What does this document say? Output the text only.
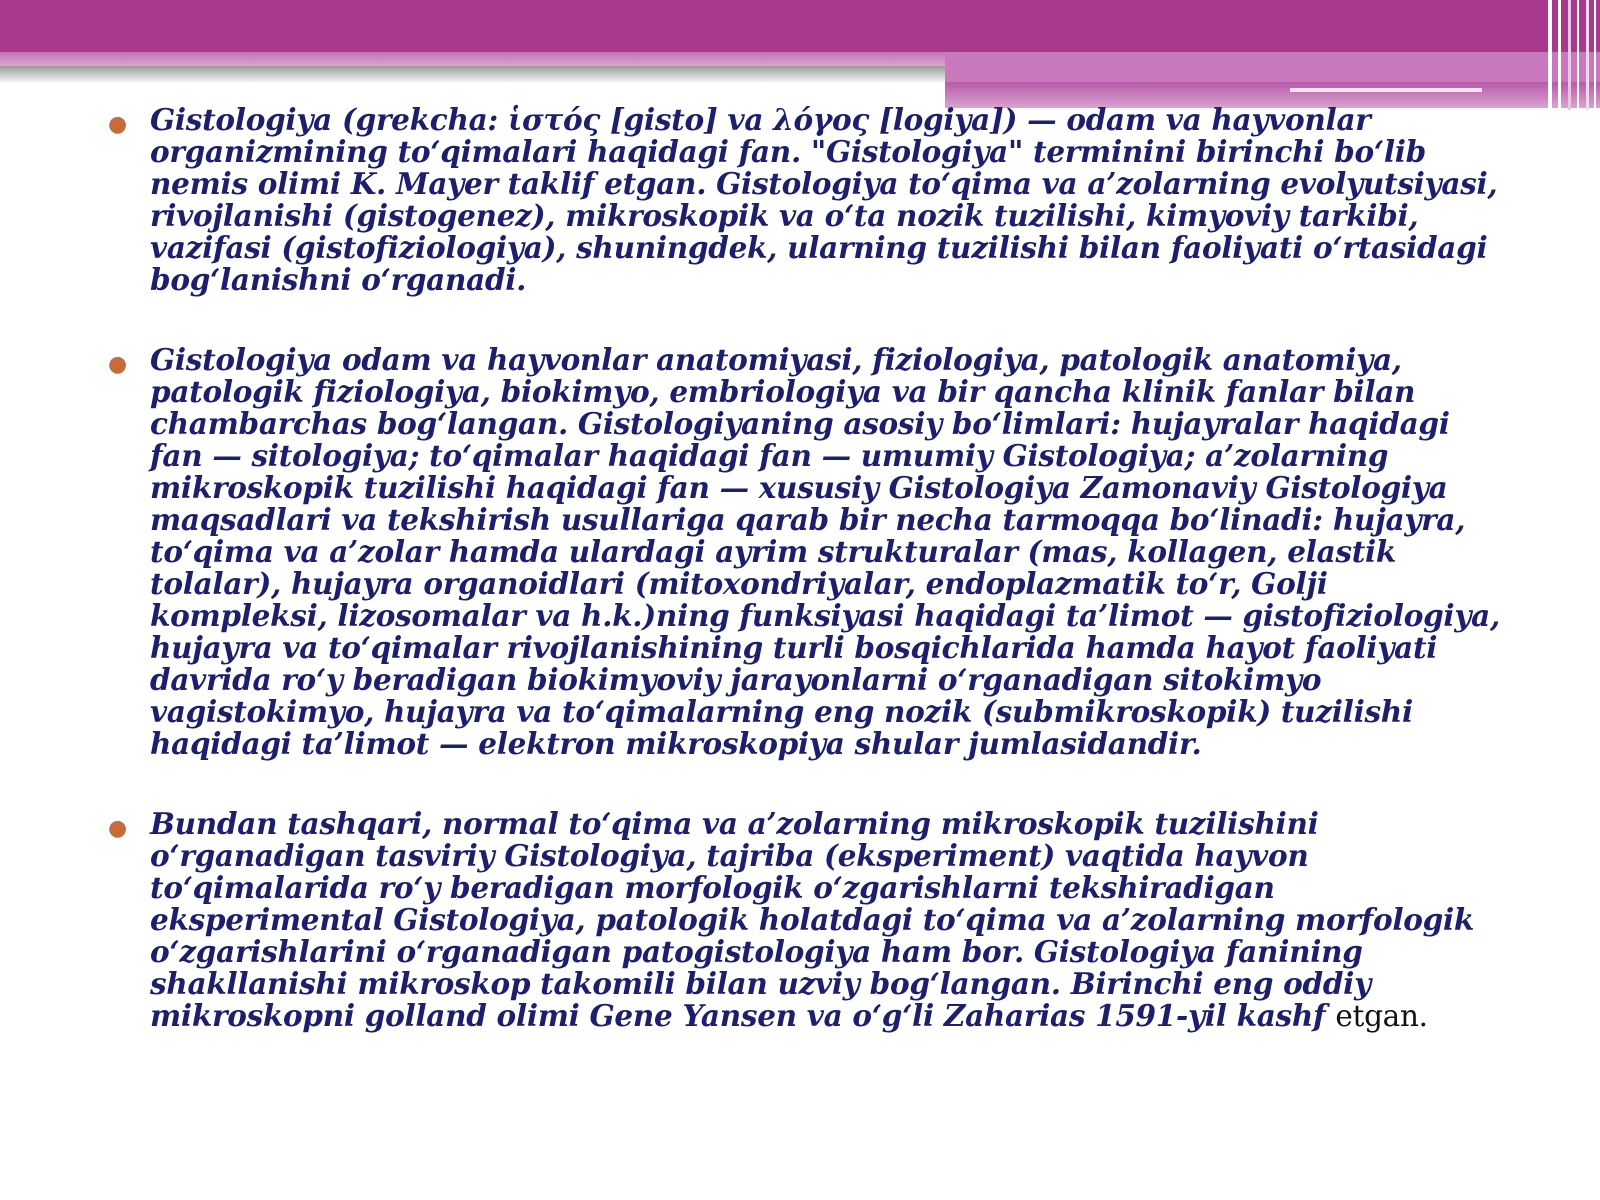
● Gistologiya (grekcha: ἱστός [gisto] va λόγος [logiya]) — odam va hayvonlar organizmining to‘qimalari haqidagi fan. "Gistologiya" terminini birinchi bo‘lib nemis olimi K. Mayer taklif etgan. Gistologiya to‘qima va a’zolarning evolyutsiyasi, rivojlanishi (gistogenez), mikroskopik va o‘ta nozik tuzilishi, kimyoviy tarkibi, vazifasi (gistofiziologiya), shuningdek, ularning tuzilishi bilan faoliyati o‘rtasidagi bog‘lanishni o‘rganadi.
● Gistologiya odam va hayvonlar anatomiyasi, fiziologiya, patologik anatomiya, patologik fiziologiya, biokimyo, embriologiya va bir qancha klinik fanlar bilan chambarchas bog‘langan. Gistologiyaning asosiy bo‘limlari: hujayralar haqidagi fan — sitologiya; to‘qimalar haqidagi fan — umumiy Gistologiya; a’zolarning mikroskopik tuzilishi haqidagi fan — xususiy Gistologiya Zamonaviy Gistologiya maqsadlari va tekshirish usullariga qarab bir necha tarmoqqa bo‘linadi: hujayra, to‘qima va a’zolar hamda ulardagi ayrim strukturalar (mas, kollagen, elastik tolalar), hujayra organoidlari (mitoxondriyalar, endoplazmatik to‘r, Golji kompleksi, lizosomalar va h.k.)ning funksiyasi haqidagi ta’limot — gistofiziologiya, hujayra va to‘qimalar rivojlanishining turli bosqichlarida hamda hayot faoliyati davrida ro‘y beradigan biokimyoviy jarayonlarni o‘rganadigan sitokimyo vagistokimyo, hujayra va to‘qimalarning eng nozik (submikroskopik) tuzilishi haqidagi ta’limot — elektron mikroskopiya shular jumlasidandir.
● Bundan tashqari, normal to‘qima va a’zolarning mikroskopik tuzilishini o‘rganadigan tasviriy Gistologiya, tajriba (eksperiment) vaqtida hayvon to‘qimalarida ro‘y beradigan morfologik o‘zgarishlarni tekshiradigan eksperimental Gistologiya, patologik holatdagi to‘qima va a’zolarning morfologik o‘zgarishlarini o‘rganadigan patogistologiya ham bor. Gistologiya fanining shakllanishi mikroskop takomili bilan uzviy bog‘langan. Birinchi eng oddiy mikroskopni golland olimi Gene Yansen va o‘g‘li Zaharias 1591-yil kashf etgan.
